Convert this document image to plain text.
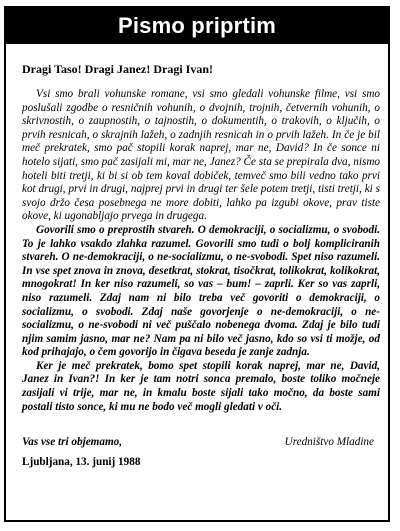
Pismo priprtim
Dragi Taso! Dragi Janez! Dragi Ivan!

Vsi smo brali vohunske romane, vsi smo gledali vohunske filme, vsi smo poslušali zgodbe o resničnih vohunih, o dvojnih, trojnih, četvernih vohunih, o skrivnostih, o zaupnostih, o tajnostih, o dokumentih, o trakovih, o ključih, o prvih resnicah, o skrajnih lažeh, o zadnjih resnicah in o prvih lažeh. In če je bil meč prekratek, smo pač stopili korak naprej, mar ne, David? In če sonce ni hotelo sijati, smo pač zasijali mi, mar ne, Janez? Če sta se prepirala dva, nismo hoteli biti tretji, ki bi si ob tem koval dobiček, temveč smo bili vedno tako prvi kot drugi, prvi in drugi, najprej prvi in drugi ter šele potem tretji, tisti tretji, ki s svojo držo česa posebnega ne more dobiti, lahko pa izgubi okove, prav tiste okove, ki ugonabljajo prvega in drugega.

Govorili smo o preprostih stvareh. O demokraciji, o socializmu, o svobodi. To je lahko vsakdo zlahka razumel. Govorili smo tudi o bolj kompliciranih stvareh. O ne-demokraciji, o ne-socializmu, o ne-svobodi. Spet niso razumeli. In vse spet znova in znova, desetkrat, stokrat, tisočkrat, tolikokrat, kolikokrat, mnogokrat! In ker niso razumeli, so vas – bum! – zaprli. Ker so vas zaprli, niso razumeli. Zdaj nam ni bilo treba več govoriti o demokraciji, o socializmu, o svobodi. Zdaj naše govorjenje o ne-demokraciji, o ne-socializmu, o ne-svobodi ni več puščalo nobenega dvoma. Zdaj je bilo tudi njim samim jasno, mar ne? Nam pa ni bilo več jasno, kdo so vsi ti možje, od kod prihajajo, o čem govorijo in čigava beseda je zanje zadnja.

Ker je meč prekratek, bomo spet stopili korak naprej, mar ne, David, Janez in Ivan?! In ker je tam notri sonca premalo, boste toliko močneje zasijali vi trije, mar ne, in kmalu boste sijali tako močno, da boste sami postali tisto sonce, ki mu ne bodo več mogli gledati v oči.

Vas vse tri objemamo,	Uredništvo Mladine
Ljubljana, 13. junij 1988
